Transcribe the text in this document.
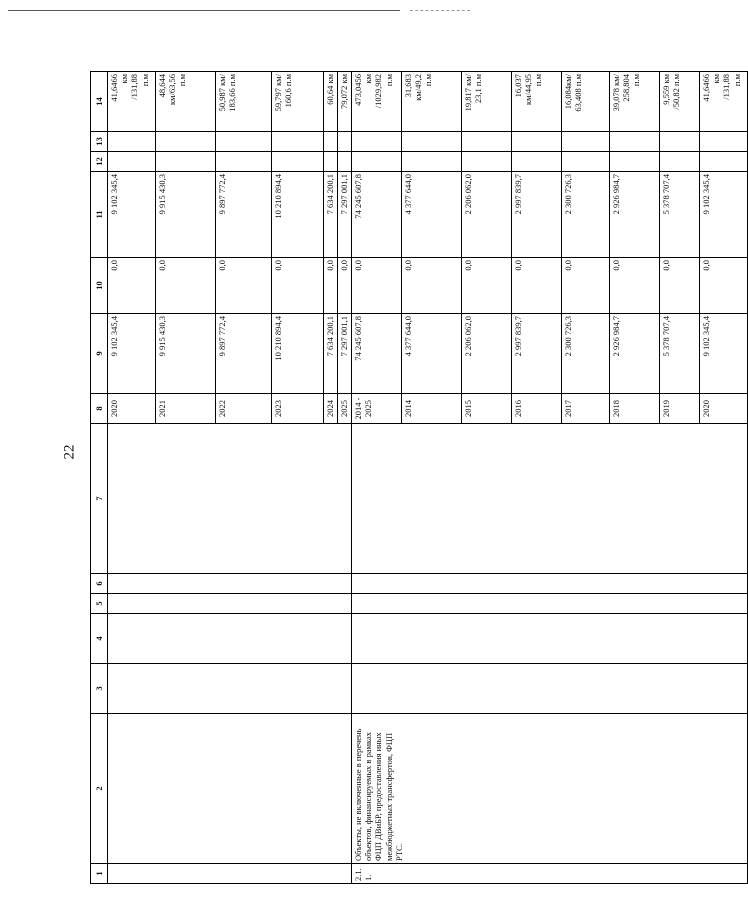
22
1	2	3	4	5	6	7	8	9	10	11	12	13	14
							2020	9 102 345,4	0,0	9 102 345,4			41,6466
км
/131,88
п.м
							2021	9 915 430,3	0,0	9 915 430,3			48,644
км/63,56
п.м
							2022	9 897 772,4	0,0	9 897 772,4			50,987 км/
183,66 п.м
							2023	10 210 894,4	0,0	10 210 894,4			59,797 км/
160,6 п.м
							2024	7 634 200,1	0,0	7 634 200,1			60,64 км
							2025	7 297 001,1	0,0	7 297 001,1			79,072 км
2.1.
1.	Объекты, не включенные в перечень объектов, финансируемых в рамках ФЦП ДВиБР, предоставления иных межбюджетных трансфертов, ФЦП РТС.						2014 -
2025	74 245 607,8	0,0	74 245 607,8			473,0456
км
/1029,982
п.м
							2014	4 377 644,0	0,0	4 377 644,0			31,683
км/49,2
п.м
							2015	2 206 062,0	0,0	2 206 062,0			19,817 км/
23,1 п.м
							2016	2 997 839,7	0,0	2 997 839,7			16,037
км/44,95
п.м
							2017	2 300 726,3	0,0	2 300 726,3			16,084км/
63,408 п.м
							2018	2 926 984,7	0,0	2 926 984,7			39,078 км/
258,804
п.м
							2019	5 378 707,4	0,0	5 378 707,4			9,559 км
/50,82 п.м
							2020	9 102 345,4	0,0	9 102 345,4			41,6466
км
/131,88
п.м
